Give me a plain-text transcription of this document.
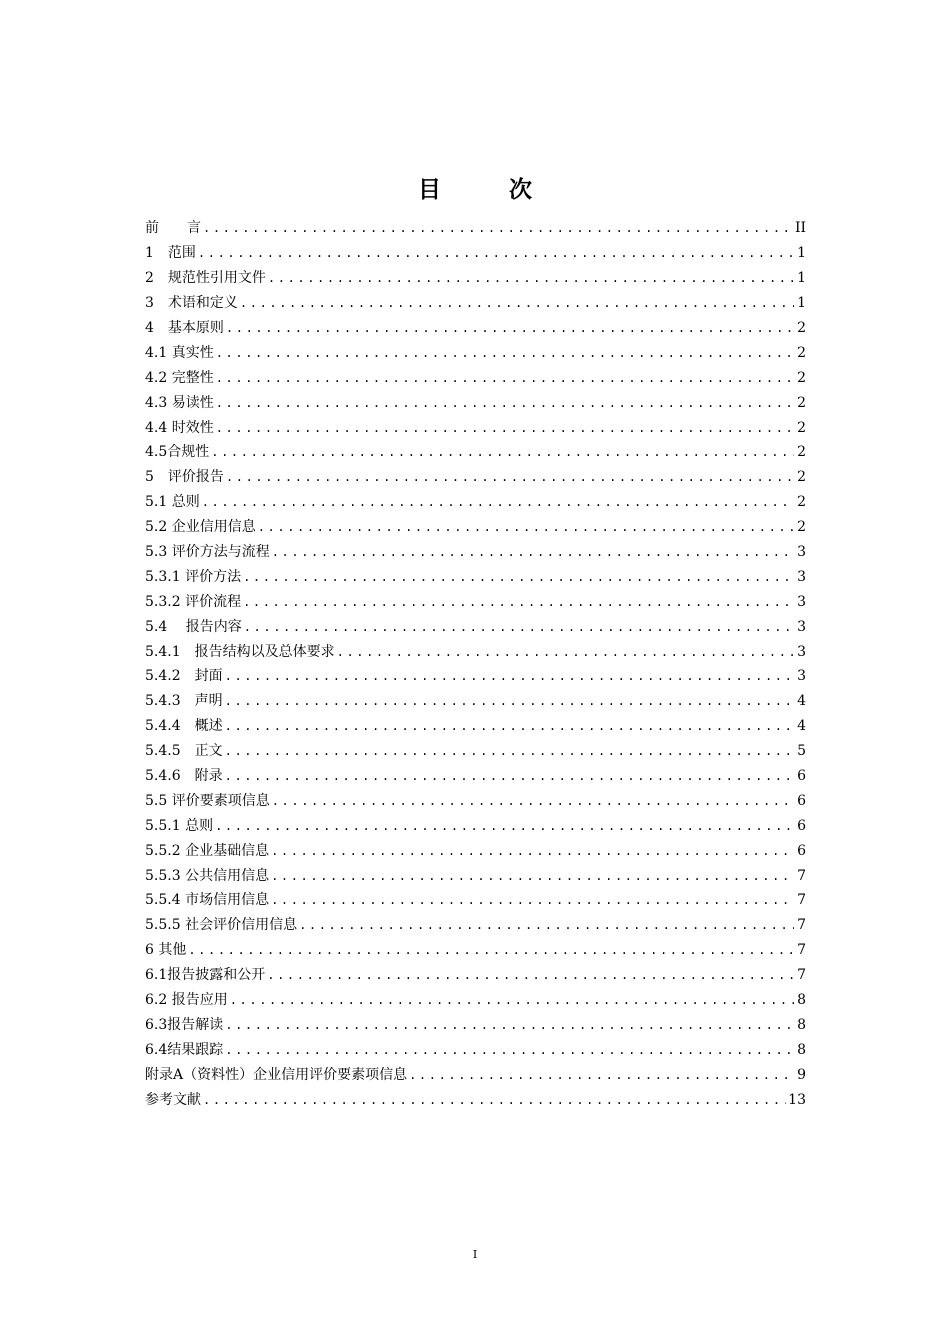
目 次
前　　言 .....	II
1　范围 .....	1
2　规范性引用文件 .....	1
3　术语和定义 .....	1
4　基本原则 .....	2
4.1 真实性 .....	2
4.2 完整性 .....	2
4.3 易读性 .....	2
4.4 时效性 .....	2
4.5合规性 .....	2
5　评价报告 .....	2
5.1 总则 .....	2
5.2 企业信用信息 .....	2
5.3 评价方法与流程 .....	3
5.3.1 评价方法 .....	3
5.3.2 评价流程 .....	3
5.4　 报告内容 .....	3
5.4.1　报告结构以及总体要求 .....	3
5.4.2　封面 .....	3
5.4.3　声明 .....	4
5.4.4　概述 .....	4
5.4.5　正文 .....	5
5.4.6　附录 .....	6
5.5 评价要素项信息 .....	6
5.5.1 总则 .....	6
5.5.2 企业基础信息 .....	6
5.5.3 公共信用信息 .....	7
5.5.4 市场信用信息 .....	7
5.5.5 社会评价信用信息 .....	7
6 其他 .....	7
6.1报告披露和公开 .....	7
6.2 报告应用 .....	8
6.3报告解读 .....	8
6.4结果跟踪 .....	8
附录A（资料性）企业信用评价要素项信息 .....	9
参考文献 .....	13
I
